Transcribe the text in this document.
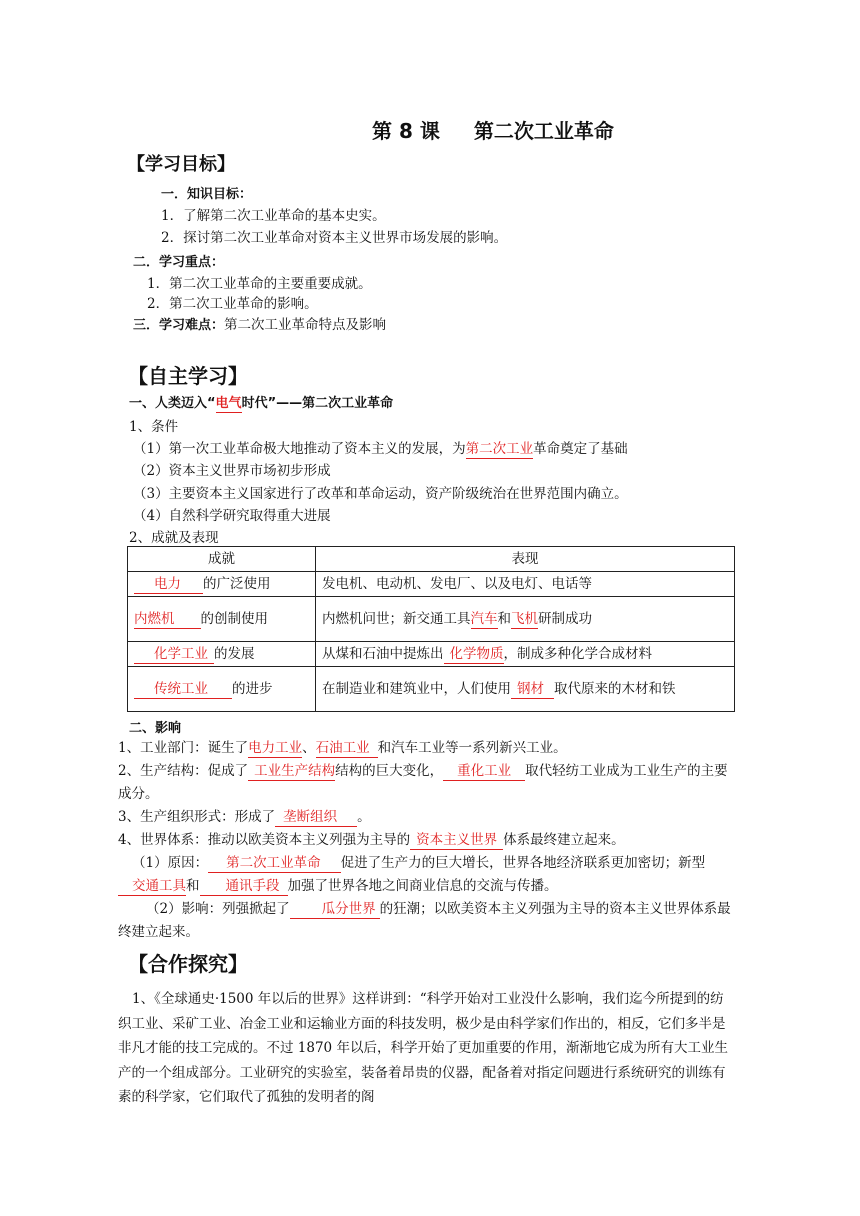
第 8 课 第二次工业革命
【学习目标】
一．知识目标：
1．了解第二次工业革命的基本史实。
2．探讨第二次工业革命对资本主义世界市场发展的影响。
二．学习重点：
1．第二次工业革命的主要重要成就。
2．第二次工业革命的影响。
三．学习难点：第二次工业革命特点及影响
【自主学习】
一、人类迈入“电气时代”——第二次工业革命
1、条件
（1）第一次工业革命极大地推动了资本主义的发展，为第二次工业革命奠定了基础
（2）资本主义世界市场初步形成
（3）主要资本主义国家进行了改革和革命运动，资产阶级统治在世界范围内确立。
（4）自然科学研究取得重大进展
2、成就及表现
成就	表现
电力 的广泛使用	发电机、电动机、发电厂、以及电灯、电话等
内燃机 的创制使用	内燃机问世；新交通工具汽车和飞机研制成功
化学工业 的发展	从煤和石油中提炼出 化学物质，制成多种化学合成材料
传统工业 的进步	在制造业和建筑业中，人们使用 钢材 取代原来的木材和铁
二、影响
1、工业部门：诞生了电力工业、石油工业 和汽车工业等一系列新兴工业。
2、生产结构：促成了 工业生产结构结构的巨大变化， 重化工业 取代轻纺工业成为工业生产的主要成分。
3、生产组织形式：形成了 垄断组织 。
4、世界体系：推动以欧美资本主义列强为主导的 资本主义世界 体系最终建立起来。
（1）原因： 第二次工业革命 促进了生产力的巨大增长，世界各地经济联系更加密切；新型交通工具和 通讯手段 加强了世界各地之间商业信息的交流与传播。
（2）影响：列强掀起了 瓜分世界 的狂潮；以欧美资本主义列强为主导的资本主义世界体系最终建立起来。
【合作探究】
1、《全球通史·1500 年以后的世界》这样讲到：“科学开始对工业没什么影响，我们迄今所提到的纺织工业、采矿工业、冶金工业和运输业方面的科技发明，极少是由科学家们作出的，相反，它们多半是非凡才能的技工完成的。不过 1870 年以后，科学开始了更加重要的作用，渐渐地它成为所有大工业生产的一个组成部分。工业研究的实验室，装备着昂贵的仪器，配备着对指定问题进行系统研究的训练有素的科学家，它们取代了孤独的发明者的阁
